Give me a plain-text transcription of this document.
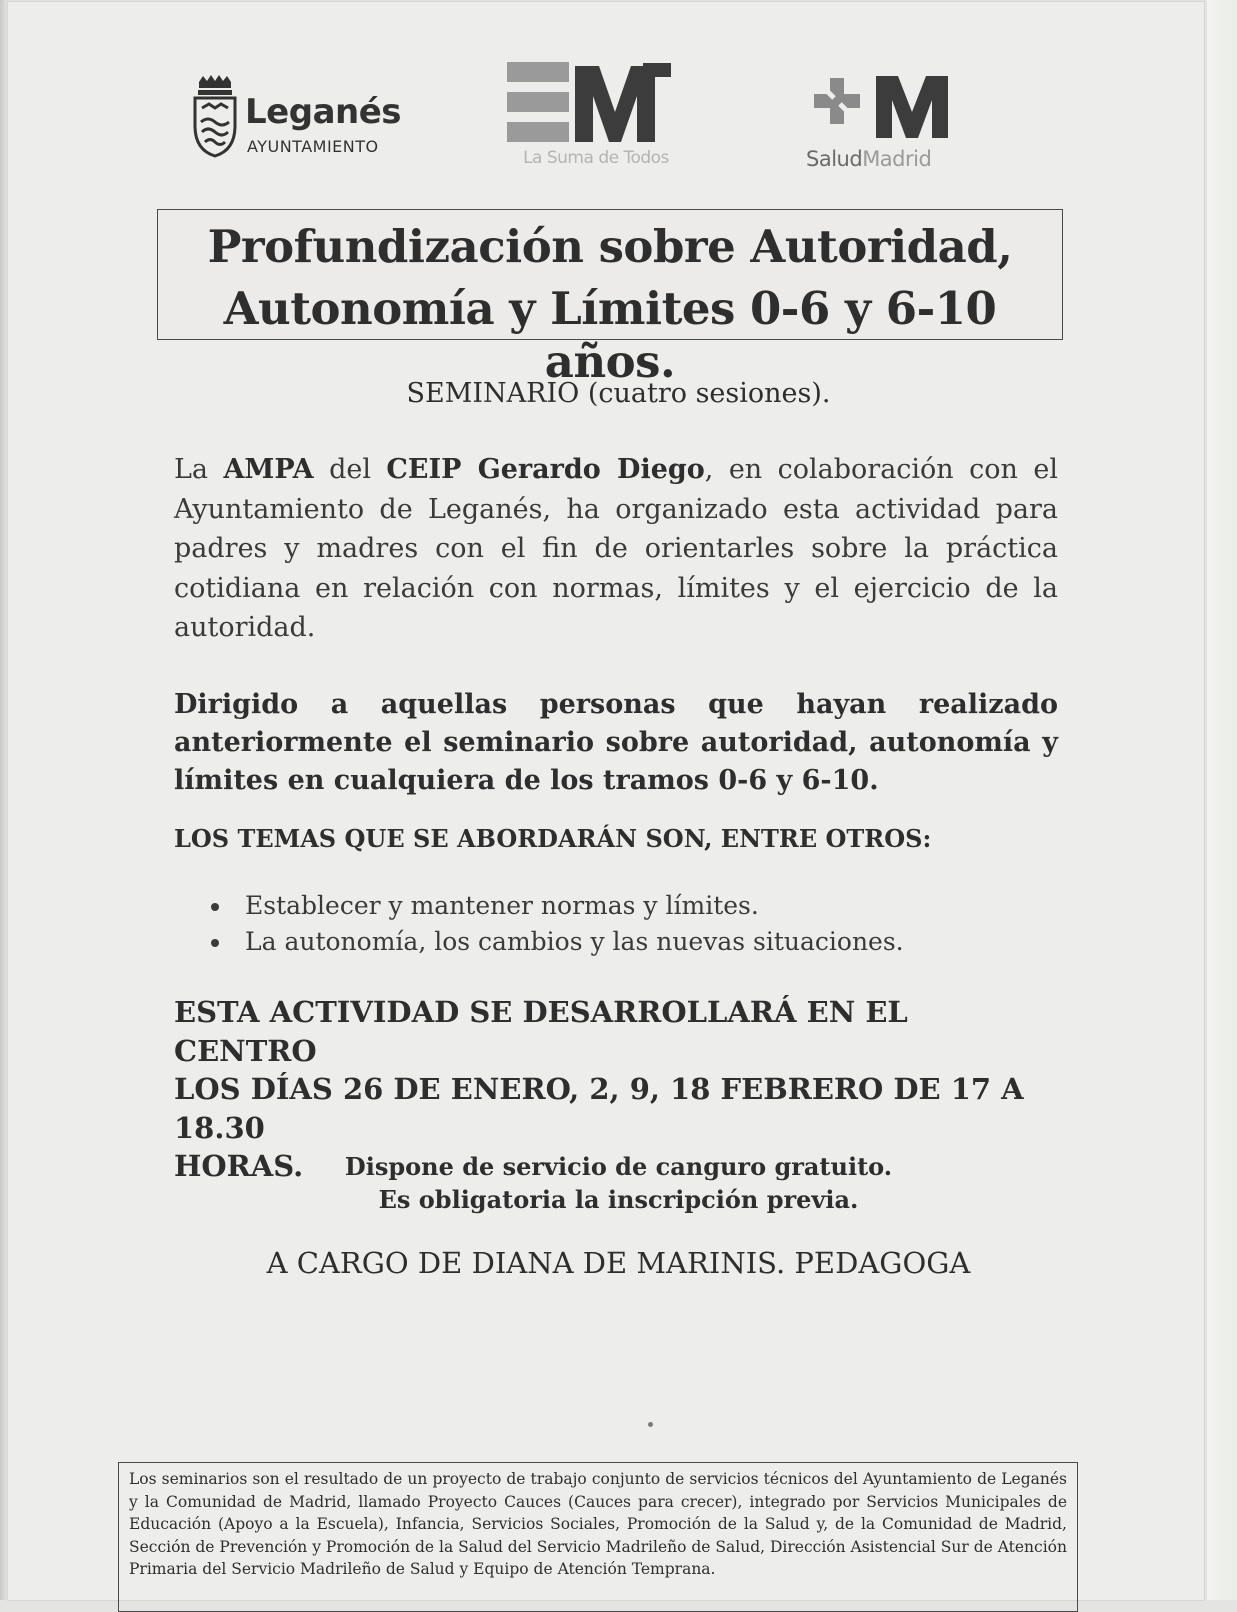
Leganés
AYUNTAMIENTO
La Suma de Todos	SaludMadrid
Profundización sobre Autoridad,
Autonomía y Límites 0-6 y 6-10 años.
SEMINARIO (cuatro sesiones).
La AMPA del CEIP Gerardo Diego, en colaboración con el Ayuntamiento de Leganés, ha organizado esta actividad para padres y madres con el fin de orientarles sobre la práctica cotidiana en relación con normas, límites y el ejercicio de la autoridad.
Dirigido a aquellas personas que hayan realizado anteriormente el seminario sobre autoridad, autonomía y límites en cualquiera de los tramos 0-6 y 6-10.
LOS TEMAS QUE SE ABORDARÁN SON, ENTRE OTROS:
Establecer y mantener normas y límites.
La autonomía, los cambios y las nuevas situaciones.
ESTA ACTIVIDAD SE DESARROLLARÁ EN EL CENTRO
LOS DÍAS 26 DE ENERO, 2, 9, 18 FEBRERO DE 17 A 18.30
HORAS.	Dispone de servicio de canguro gratuito.
Es obligatoria la inscripción previa.
A CARGO DE DIANA DE MARINIS. PEDAGOGA
Los seminarios son el resultado de un proyecto de trabajo conjunto de servicios técnicos del Ayuntamiento de Leganés y la Comunidad de Madrid, llamado Proyecto Cauces (Cauces para crecer), integrado por Servicios Municipales de Educación (Apoyo a la Escuela), Infancia, Servicios Sociales, Promoción de la Salud y, de la Comunidad de Madrid, Sección de Prevención y Promoción de la Salud del Servicio Madrileño de Salud, Dirección Asistencial Sur de Atención Primaria del Servicio Madrileño de Salud y Equipo de Atención Temprana.
